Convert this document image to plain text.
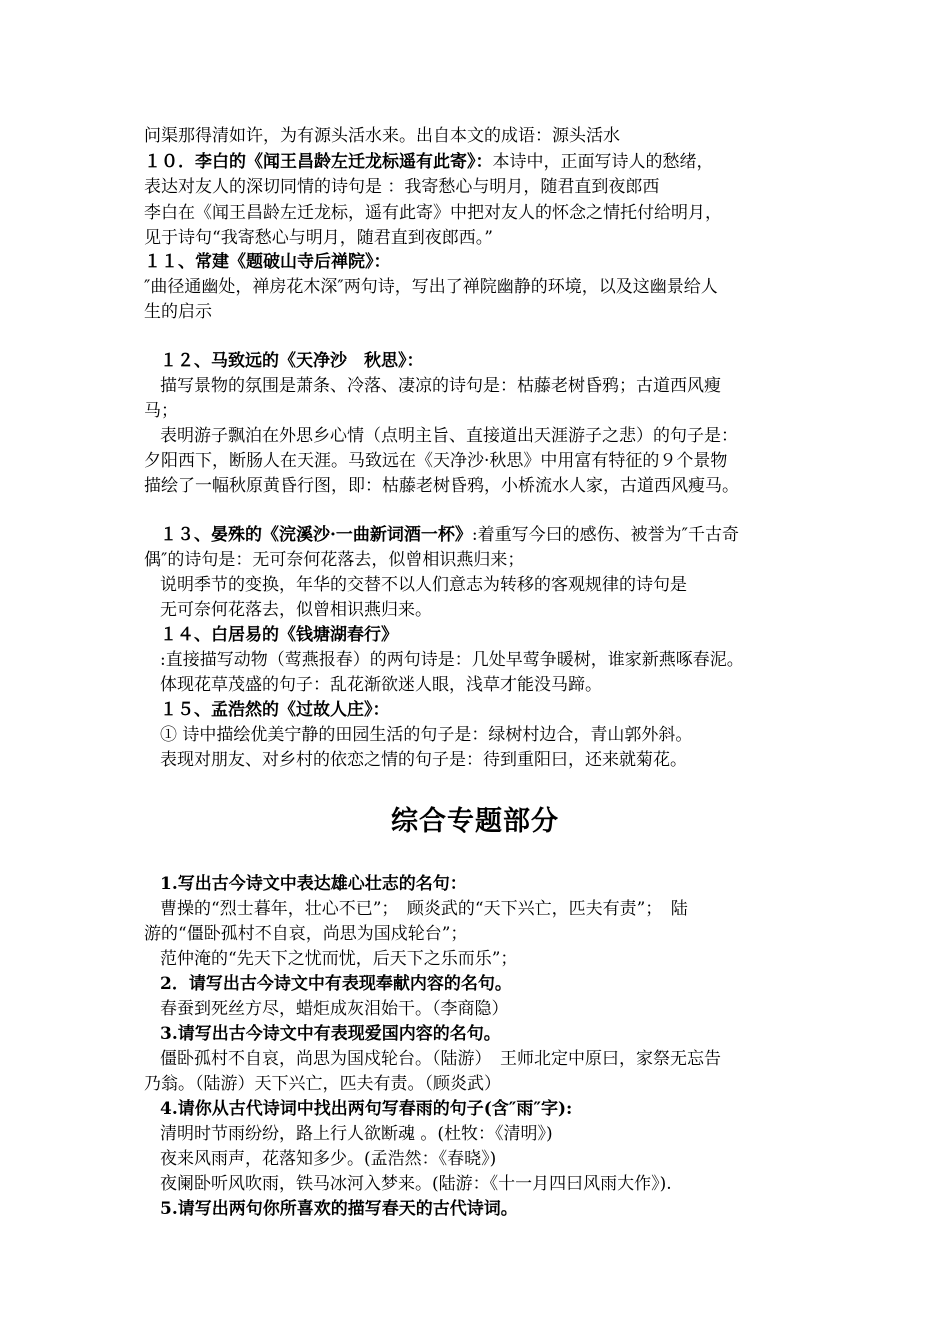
问渠那得清如许，为有源头活水来。出自本文的成语：源头活水
１０．李白的《闻王昌龄左迁龙标遥有此寄》：本诗中，正面写诗人的愁绪，
表达对友人的深切同情的诗句是 ：我寄愁心与明月，随君直到夜郎西
李白在《闻王昌龄左迁龙标，遥有此寄》中把对友人的怀念之情托付给明月，
见于诗句“我寄愁心与明月，随君直到夜郎西。”
１１、常建《题破山寺后禅院》：
″曲径通幽处，禅房花木深″两句诗，写出了禅院幽静的环境，以及这幽景给人
生的启示
１２、马致远的《天净沙　秋思》：
描写景物的氛围是萧条、冷落、凄凉的诗句是：枯藤老树昏鸦；古道西风瘦
马；
表明游子飘泊在外思乡心情（点明主旨、直接道出天涯游子之悲）的句子是：
夕阳西下，断肠人在天涯。马致远在《天净沙·秋思》中用富有特征的９个景物
描绘了一幅秋原黄昏行图，即：枯藤老树昏鸦，小桥流水人家，古道西风瘦马。
１３、晏殊的《浣溪沙·一曲新词酒一杯》:着重写今曰的感伤、被誉为″千古奇
偶″的诗句是：无可奈何花落去，似曾相识燕归来；
说明季节的变换，年华的交替不以人们意志为转移的客观规律的诗句是
无可奈何花落去，似曾相识燕归来。
１４、白居易的《钱塘湖春行》
:直接描写动物（莺燕报春）的两句诗是：几处早莺争暖树，谁家新燕啄春泥。
体现花草茂盛的句子：乱花渐欲迷人眼，浅草才能没马蹄。
１５、孟浩然的《过故人庄》：
① 诗中描绘优美宁静的田园生活的句子是：绿树村边合，青山郭外斜。
表现对朋友、对乡村的依恋之情的句子是：待到重阳曰，还来就菊花。
综合专题部分
1.写出古今诗文中表达雄心壮志的名句：
曹操的“烈士暮年，壮心不已”；　顾炎武的“天下兴亡，匹夫有责”；　陆
游的“僵卧孤村不自哀，尚思为国戍轮台”；
范仲淹的“先天下之忧而忧，后天下之乐而乐”；
2．请写出古今诗文中有表现奉献内容的名句。
春蚕到死丝方尽，蜡炬成灰泪始干。（李商隐）
3.请写出古今诗文中有表现爱国内容的名句。
僵卧孤村不自哀，尚思为国戍轮台。（陆游）　王师北定中原曰，家祭无忘告
乃翁。（陆游）天下兴亡，匹夫有责。（顾炎武）
4.请你从古代诗词中找出两句写春雨的句子(含″雨″字):
清明时节雨纷纷，路上行人欲断魂 。(杜牧：《清明》)
夜来风雨声，花落知多少。(孟浩然：《春晓》)
夜阑卧听风吹雨，铁马冰河入梦来。(陆游：《十一月四曰风雨大作》).
5.请写出两句你所喜欢的描写春天的古代诗词。
